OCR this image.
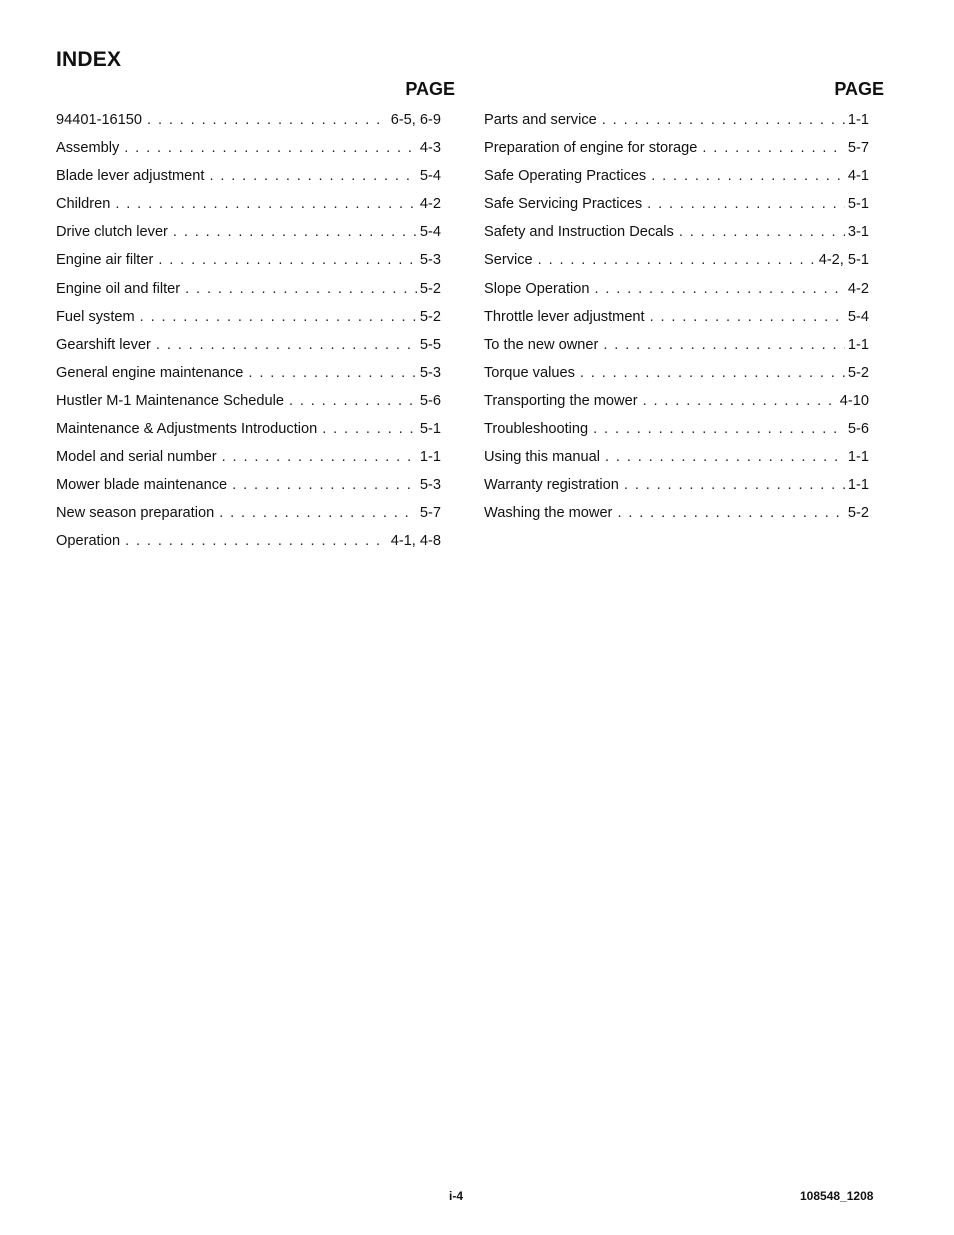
INDEX
PAGE
94401-16150 . . .	6-5, 6-9
Assembly . . .	4-3
Blade lever adjustment . . .	5-4
Children . . .	4-2
Drive clutch lever . . .	5-4
Engine air filter . . .	5-3
Engine oil and filter . . .	5-2
Fuel system . . .	5-2
Gearshift lever . . .	5-5
General engine maintenance . . .	5-3
Hustler M-1 Maintenance Schedule . . .	5-6
Maintenance & Adjustments Introduction . . .	5-1
Model and serial number . . .	1-1
Mower blade maintenance . . .	5-3
New season preparation . . .	5-7
Operation . . .	4-1, 4-8
PAGE
Parts and service . . .	1-1
Preparation of engine for storage . . .	5-7
Safe Operating Practices . . .	4-1
Safe Servicing Practices . . .	5-1
Safety and Instruction Decals . . .	3-1
Service . . .	4-2, 5-1
Slope Operation . . .	4-2
Throttle lever adjustment . . .	5-4
To the new owner . . .	1-1
Torque values . . .	5-2
Transporting the mower . . .	4-10
Troubleshooting . . .	5-6
Using this manual . . .	1-1
Warranty registration . . .	1-1
Washing the mower . . .	5-2
i-4	108548_1208
